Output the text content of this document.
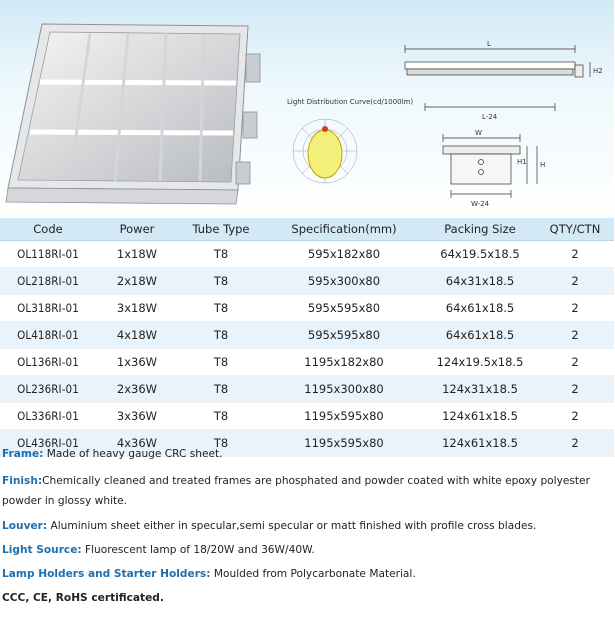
Light Distribution Curve(cd/1000lm)
L
H2
L-24
W
H1 H
W-24
Code	Power	Tube Type	Specification(mm)	Packing Size	QTY/CTN
OL118RI-01	1x18W	T8	595x182x80	64x19.5x18.5	2
OL218RI-01	2x18W	T8	595x300x80	64x31x18.5	2
OL318RI-01	3x18W	T8	595x595x80	64x61x18.5	2
OL418RI-01	4x18W	T8	595x595x80	64x61x18.5	2
OL136RI-01	1x36W	T8	1195x182x80	124x19.5x18.5	2
OL236RI-01	2x36W	T8	1195x300x80	124x31x18.5	2
OL336RI-01	3x36W	T8	1195x595x80	124x61x18.5	2
OL436RI-01	4x36W	T8	1195x595x80	124x61x18.5	2

Frame: Made of heavy gauge CRC sheet.

Finish:Chemically cleaned and treated frames are phosphated and powder coated with white epoxy polyester powder in glossy white.

Louver: Aluminium sheet either in specular,semi specular or matt finished with profile cross blades.

Light Source: Fluorescent lamp of 18/20W and 36W/40W.

Lamp Holders and Starter Holders: Moulded from Polycarbonate Material.

CCC, CE, RoHS certificated.
